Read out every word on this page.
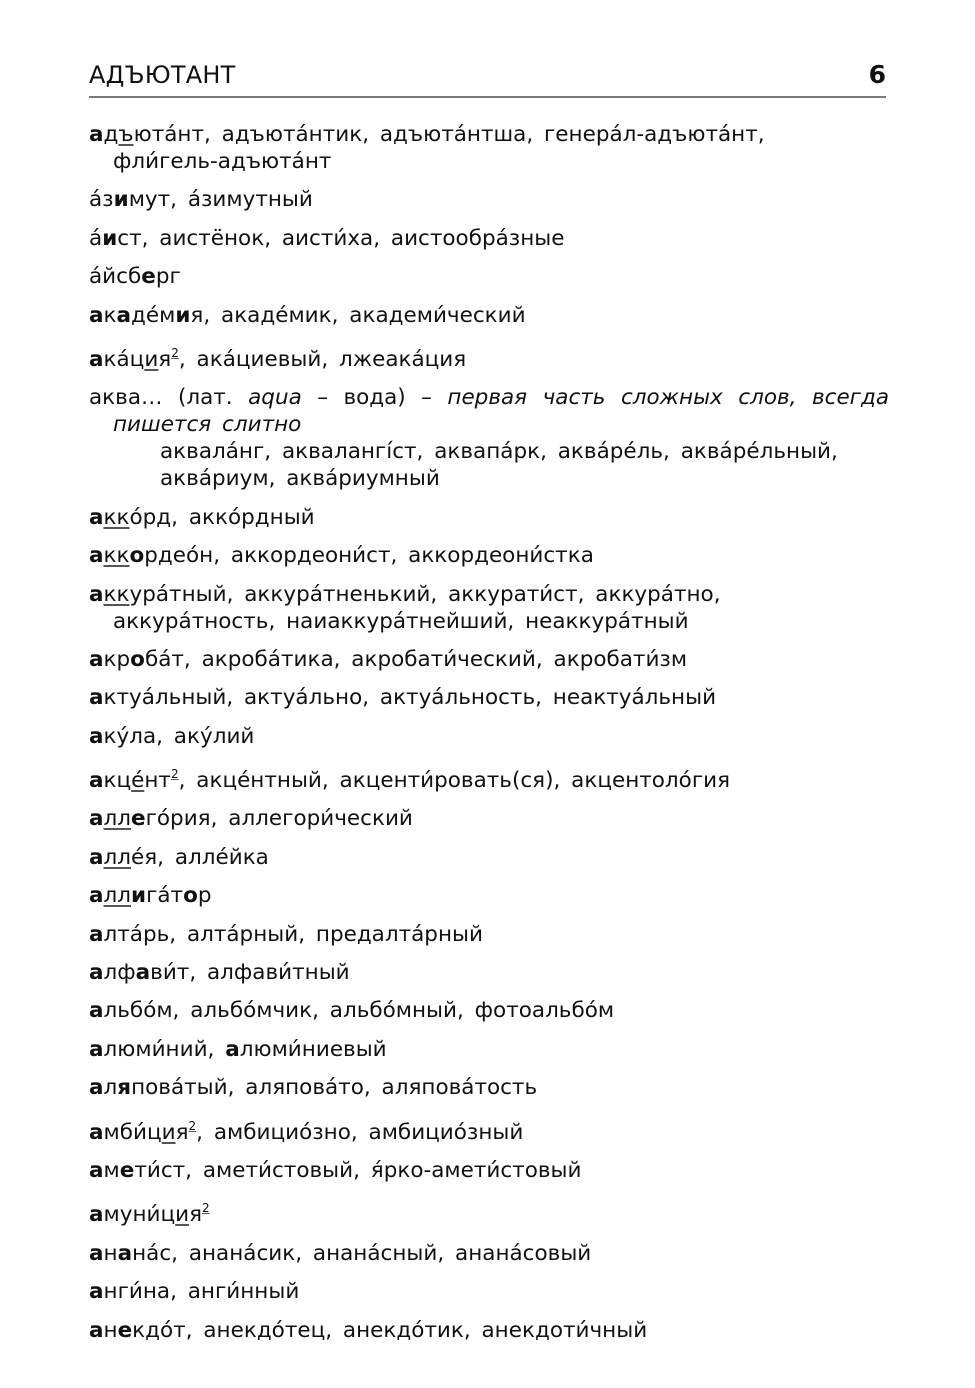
АДЪЮТАНТ	6
адъюта́нт, адъюта́нтик, адъюта́нтша, генера́л-адъюта́нт,
фли́гель-адъюта́нт
а́зимут, а́зимутный
а́ист, аистёнок, аисти́ха, аистообра́зные
а́йсберг
акаде́мия, акаде́мик, академи́ческий
ака́ция$^2$, ака́циевый, лжеака́ция
аква… (лат. aqua – вода) – первая часть сложных слов, всегда
пишется слитно
аквала́нг, аквалангíст, аквапа́рк, аквáре́ль, аквáре́льный,
аква́риум, аква́риумный
акко́рд, акко́рдный
аккордео́н, аккордеони́ст, аккордеони́стка
аккура́тный, аккура́тненький, аккурати́ст, аккура́тно,
аккура́тность, наиаккура́тнейший, неаккура́тный
акроба́т, акроба́тика, акробати́ческий, акробати́зм
актуа́льный, актуа́льно, актуа́льность, неактуа́льный
аку́ла, аку́лий
$акце́нт^2$, акце́нтный, акценти́ровать(ся), акцентоло́гия
аллего́рия, аллегори́ческий
алле́я, алле́йка
аллига́тор
алта́рь, алта́рный, предалта́рный
алфави́т, алфави́тный
альбо́м, альбо́мчик, альбо́мный, фотоальбо́м
алюми́ний, алюми́ниевый
аляпова́тый, аляпова́то, аляпова́тость
амби́ция$^2$, амбицио́зно, амбицио́зный
амети́ст, амети́стовый, я́рко-амети́стовый
амуни́ция$^2$
анана́с, анана́сик, анана́сный, анана́совый
анги́на, анги́нный
анекдо́т, анекдо́тец, анекдо́тик, анекдоти́чный
